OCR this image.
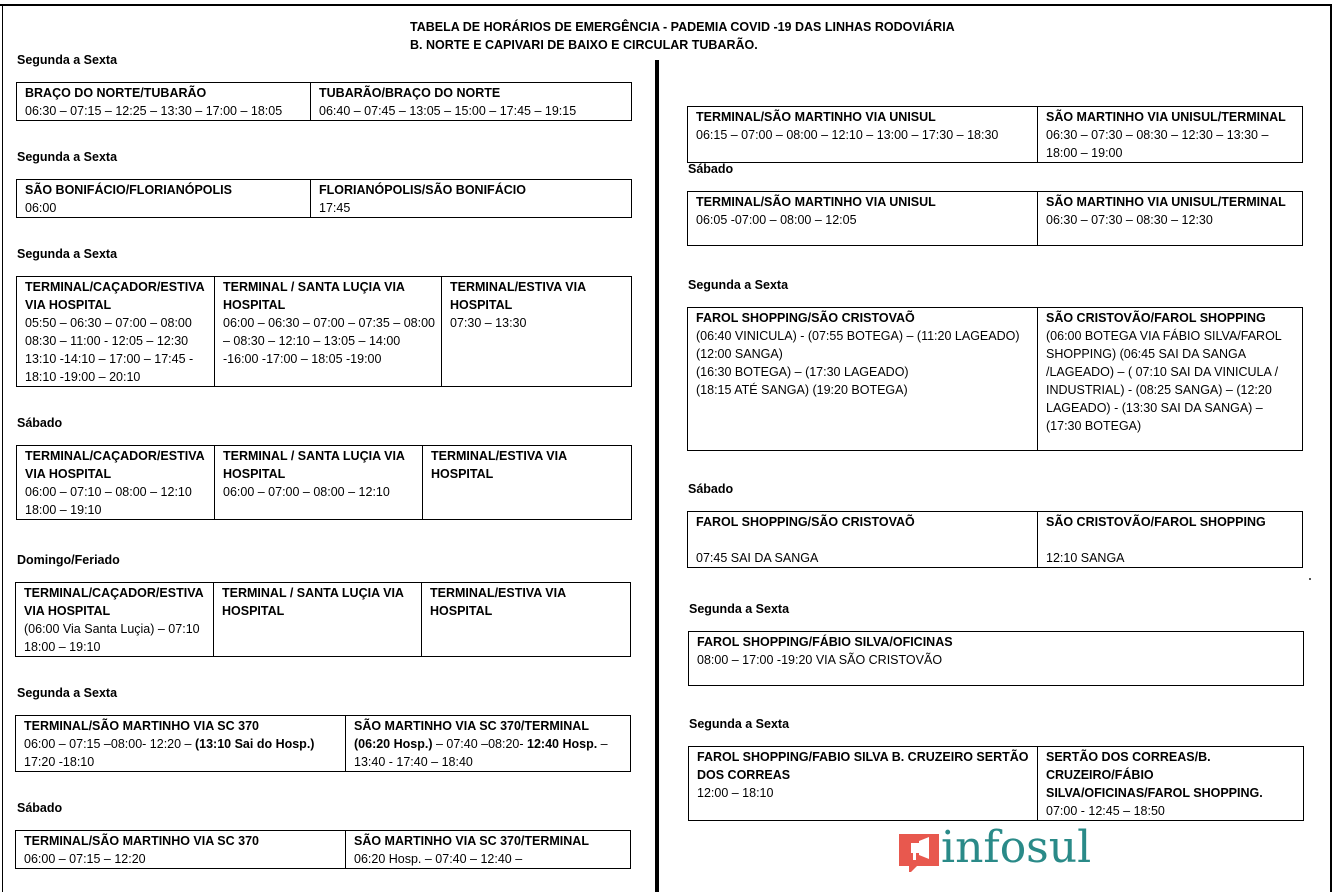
TABELA DE HORÁRIOS DE EMERGÊNCIA - PADEMIA COVID -19 DAS LINHAS RODOVIÁRIA
B. NORTE E CAPIVARI DE BAIXO E CIRCULAR TUBARÃO.
Segunda a Sexta
BRAÇO DO NORTE/TUBARÃO
06:30 – 07:15 – 12:25 – 13:30 – 17:00 – 18:05

TUBARÃO/BRAÇO DO NORTE
06:40 – 07:45 – 13:05 – 15:00 – 17:45 – 19:15
Segunda a Sexta
SÃO BONIFÁCIO/FLORIANÓPOLIS
06:00

FLORIANÓPOLIS/SÃO BONIFÁCIO
17:45
Segunda a Sexta
TERMINAL/CAÇADOR/ESTIVA VIA HOSPITAL
05:50 – 06:30 – 07:00 – 08:00 08:30 – 11:00 - 12:05 – 12:30 13:10 -14:10 – 17:00 – 17:45 - 18:10 -19:00 – 20:10

TERMINAL / SANTA LUÇIA VIA HOSPITAL
06:00 – 06:30 – 07:00 – 07:35 – 08:00 – 08:30 – 12:10 – 13:05 – 14:00 -16:00 -17:00 – 18:05 -19:00

TERMINAL/ESTIVA VIA HOSPITAL
07:30 – 13:30
Sábado
TERMINAL/CAÇADOR/ESTIVA VIA HOSPITAL
06:00 – 07:10 – 08:00 – 12:10 18:00 – 19:10

TERMINAL / SANTA LUÇIA VIA HOSPITAL
06:00 – 07:00 – 08:00 – 12:10

TERMINAL/ESTIVA VIA HOSPITAL
Domingo/Feriado
TERMINAL/CAÇADOR/ESTIVA VIA HOSPITAL
(06:00 Via Santa Luçia) – 07:10 18:00 – 19:10

TERMINAL / SANTA LUÇIA VIA HOSPITAL

TERMINAL/ESTIVA VIA HOSPITAL
Segunda a Sexta
TERMINAL/SÃO MARTINHO VIA SC 370
06:00 – 07:15 –08:00- 12:20 – (13:10 Sai do Hosp.) 17:20 -18:10	
SÃO MARTINHO VIA SC 370/TERMINAL
(06:20 Hosp.) – 07:40 –08:20- 12:40 Hosp. – 13:40 - 17:40 – 18:40
Sábado
TERMINAL/SÃO MARTINHO VIA SC 370
06:00 – 07:15 – 12:20

SÃO MARTINHO VIA SC 370/TERMINAL
06:20 Hosp. – 07:40 – 12:40 –
TERMINAL/SÃO MARTINHO VIA UNISUL
06:15 – 07:00 – 08:00 – 12:10 – 13:00 – 17:30 – 18:30

SÃO MARTINHO VIA UNISUL/TERMINAL
06:30 – 07:30 – 08:30 – 12:30 – 13:30 – 18:00 – 19:00
Sábado
TERMINAL/SÃO MARTINHO VIA UNISUL
06:05 -07:00 – 08:00 – 12:05

SÃO MARTINHO VIA UNISUL/TERMINAL
06:30 – 07:30 – 08:30 – 12:30
Segunda a Sexta
FAROL SHOPPING/SÃO CRISTOVAÕ
(06:40 VINICULA) - (07:55 BOTEGA) – (11:20 LAGEADO)
(12:00 SANGA)
(16:30 BOTEGA) – (17:30 LAGEADO)
(18:15 ATÉ SANGA) (19:20 BOTEGA)

SÃO CRISTOVÃO/FAROL SHOPPING
(06:00 BOTEGA VIA FÁBIO SILVA/FAROL SHOPPING) (06:45 SAI DA SANGA /LAGEADO) – ( 07:10 SAI DA VINICULA / INDUSTRIAL) - (08:25 SANGA) – (12:20 LAGEADO) - (13:30 SAI DA SANGA) – (17:30 BOTEGA)
Sábado
FAROL SHOPPING/SÃO CRISTOVAÕ
07:45 SAI DA SANGA

SÃO CRISTOVÃO/FAROL SHOPPING
12:10 SANGA
Segunda a Sexta
FAROL SHOPPING/FÁBIO SILVA/OFICINAS
08:00 – 17:00 -19:20 VIA SÃO CRISTOVÃO
Segunda a Sexta
FAROL SHOPPING/FABIO SILVA B. CRUZEIRO SERTÃO DOS CORREAS
12:00 – 18:10

SERTÃO DOS CORREAS/B. CRUZEIRO/FÁBIO SILVA/OFICINAS/FAROL SHOPPING.
07:00 - 12:45 – 18:50
infosul
